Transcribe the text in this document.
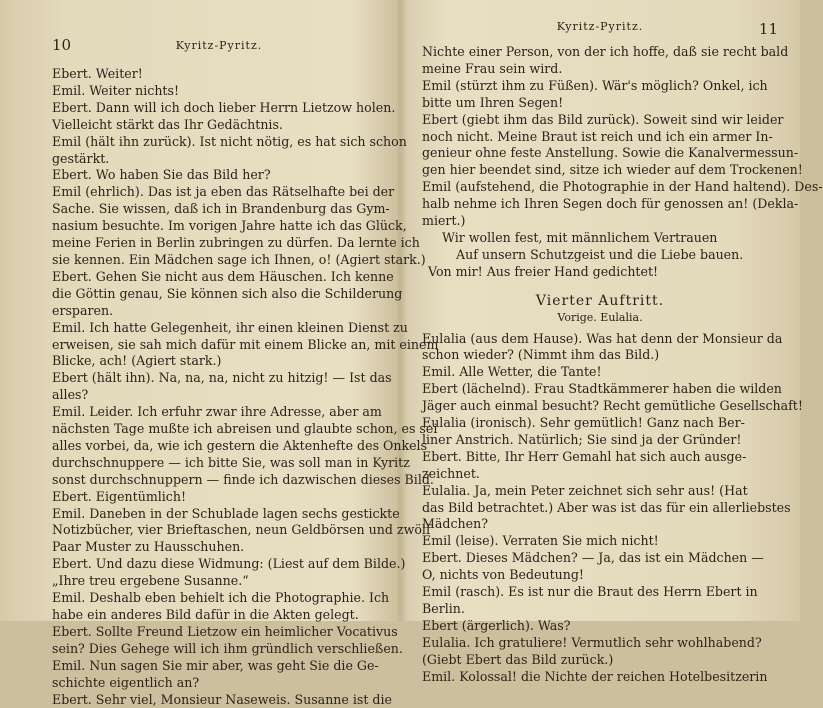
10	Kyritz-Pyritz.
Ebert. Weiter!
Emil. Weiter nichts!
Ebert. Dann will ich doch lieber Herrn Lietzow holen.
Vielleicht stärkt das Ihr Gedächtnis.
Emil (hält ihn zurück). Ist nicht nötig, es hat sich schon
gestärkt.
Ebert. Wo haben Sie das Bild her?
Emil (ehrlich). Das ist ja eben das Rätselhafte bei der
Sache. Sie wissen, daß ich in Brandenburg das Gym-
nasium besuchte. Im vorigen Jahre hatte ich das Glück,
meine Ferien in Berlin zubringen zu dürfen. Da lernte ich
sie kennen. Ein Mädchen sage ich Ihnen, o! (Agiert stark.)
Ebert. Gehen Sie nicht aus dem Häuschen. Ich kenne
die Göttin genau, Sie können sich also die Schilderung
ersparen.
Emil. Ich hatte Gelegenheit, ihr einen kleinen Dienst zu
erweisen, sie sah mich dafür mit einem Blicke an, mit einem
Blicke, ach! (Agiert stark.)
Ebert (hält ihn). Na, na, na, nicht zu hitzig! — Ist das
alles?
Emil. Leider. Ich erfuhr zwar ihre Adresse, aber am
nächsten Tage mußte ich abreisen und glaubte schon, es sei
alles vorbei, da, wie ich gestern die Aktenhefte des Onkels
durchschnuppere — ich bitte Sie, was soll man in Kyritz
sonst durchschnuppern — finde ich dazwischen dieses Bild.
Ebert. Eigentümlich!
Emil. Daneben in der Schublade lagen sechs gestickte
Notizbücher, vier Brieftaschen, neun Geldbörsen und zwölf
Paar Muster zu Hausschuhen.
Ebert. Und dazu diese Widmung: (Liest auf dem Bilde.)
„Ihre treu ergebene Susanne.“
Emil. Deshalb eben behielt ich die Photographie. Ich
habe ein anderes Bild dafür in die Akten gelegt.
Ebert. Sollte Freund Lietzow ein heimlicher Vocativus
sein? Dies Gehege will ich ihm gründlich verschließen.
Emil. Nun sagen Sie mir aber, was geht Sie die Ge-
schichte eigentlich an?
Ebert. Sehr viel, Monsieur Naseweis. Susanne ist die
Kyritz-Pyritz.	11
Nichte einer Person, von der ich hoffe, daß sie recht bald
meine Frau sein wird.
Emil (stürzt ihm zu Füßen). Wär's möglich? Onkel, ich
bitte um Ihren Segen!
Ebert (giebt ihm das Bild zurück). Soweit sind wir leider
noch nicht. Meine Braut ist reich und ich ein armer In-
genieur ohne feste Anstellung. Sowie die Kanalvermessun-
gen hier beendet sind, sitze ich wieder auf dem Trockenen!
Emil (aufstehend, die Photographie in der Hand haltend). Des-
halb nehme ich Ihren Segen doch für genossen an! (Dekla-
miert.)
Wir wollen fest, mit männlichem Vertrauen
Auf unsern Schutzgeist und die Liebe bauen.
Von mir! Aus freier Hand gedichtet!
Vierter Auftritt.
Vorige. Eulalia.
Eulalia (aus dem Hause). Was hat denn der Monsieur da
schon wieder? (Nimmt ihm das Bild.)
Emil. Alle Wetter, die Tante!
Ebert (lächelnd). Frau Stadtkämmerer haben die wilden
Jäger auch einmal besucht? Recht gemütliche Gesellschaft!
Eulalia (ironisch). Sehr gemütlich! Ganz nach Ber-
liner Anstrich. Natürlich; Sie sind ja der Gründer!
Ebert. Bitte, Ihr Herr Gemahl hat sich auch ausge-
zeichnet.
Eulalia. Ja, mein Peter zeichnet sich sehr aus! (Hat
das Bild betrachtet.) Aber was ist das für ein allerliebstes
Mädchen?
Emil (leise). Verraten Sie mich nicht!
Ebert. Dieses Mädchen? — Ja, das ist ein Mädchen —
O, nichts von Bedeutung!
Emil (rasch). Es ist nur die Braut des Herrn Ebert in
Berlin.
Ebert (ärgerlich). Was?
Eulalia. Ich gratuliere! Vermutlich sehr wohlhabend?
(Giebt Ebert das Bild zurück.)
Emil. Kolossal! die Nichte der reichen Hotelbesitzerin
